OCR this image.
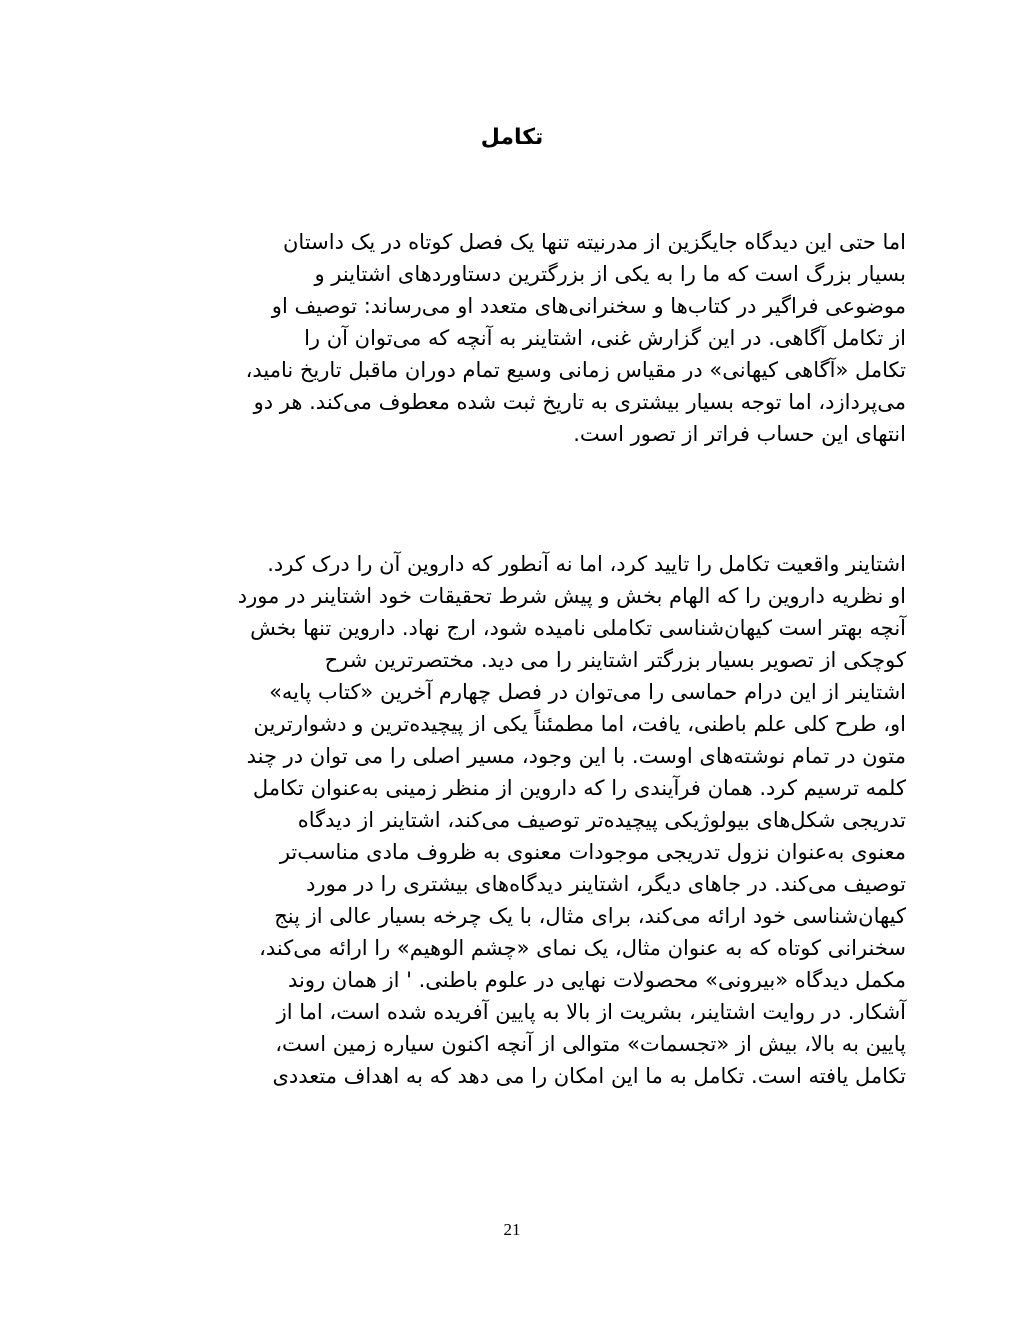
تکامل
اما حتی این دیدگاه جایگزین از مدرنیته تنها یک فصل کوتاه در یک داستان
بسیار بزرگ است که ما را به یکی از بزرگترین دستاوردهای اشتاینر و
موضوعی فراگیر در کتاب‌ها و سخنرانی‌های متعدد او می‌رساند: توصیف او
از تکامل آگاهی. در این گزارش غنی، اشتاینر به آنچه که می‌توان آن را
تکامل «آگاهی کیهانی» در مقیاس زمانی وسیع تمام دوران ماقبل تاریخ نامید،
می‌پردازد، اما توجه بسیار بیشتری به تاریخ ثبت شده معطوف می‌کند. هر دو
انتهای این حساب فراتر از تصور است.
اشتاینر واقعیت تکامل را تایید کرد، اما نه آنطور که داروین آن را درک کرد.
او نظریه داروین را که الهام بخش و پیش شرط تحقیقات خود اشتاینر در مورد
آنچه بهتر است کیهان‌شناسی تکاملی نامیده شود، ارج نهاد. داروین تنها بخش
کوچکی از تصویر بسیار بزرگتر اشتاینر را می دید. مختصرترین شرح
اشتاینر از این درام حماسی را می‌توان در فصل چهارم آخرین «کتاب پایه»
او، طرح کلی علم باطنی، یافت، اما مطمئناً یکی از پیچیده‌ترین و دشوارترین
متون در تمام نوشته‌های اوست. با این وجود، مسیر اصلی را می توان در چند
کلمه ترسیم کرد. همان فرآیندی را که داروین از منظر زمینی به‌عنوان تکامل
تدریجی شکل‌های بیولوژیکی پیچیده‌تر توصیف می‌کند، اشتاینر از دیدگاه
معنوی به‌عنوان نزول تدریجی موجودات معنوی به ظروف مادی مناسب‌تر
توصیف می‌کند. در جاهای دیگر، اشتاینر دیدگاه‌های بیشتری را در مورد
کیهان‌شناسی خود ارائه می‌کند، برای مثال، با یک چرخه بسیار عالی از پنج
سخنرانی کوتاه که به عنوان مثال، یک نمای «چشم الوهیم» را ارائه می‌کند،
مکمل دیدگاه «بیرونی» محصولات نهایی در علوم باطنی. ' از همان روند
آشکار. در روایت اشتاینر، بشریت از بالا به پایین آفریده شده است، اما از
پایین به بالا، بیش از «تجسمات» متوالی از آنچه اکنون سیاره زمین است،
تکامل یافته است. تکامل به ما این امکان را می دهد که به اهداف متعددی
21
